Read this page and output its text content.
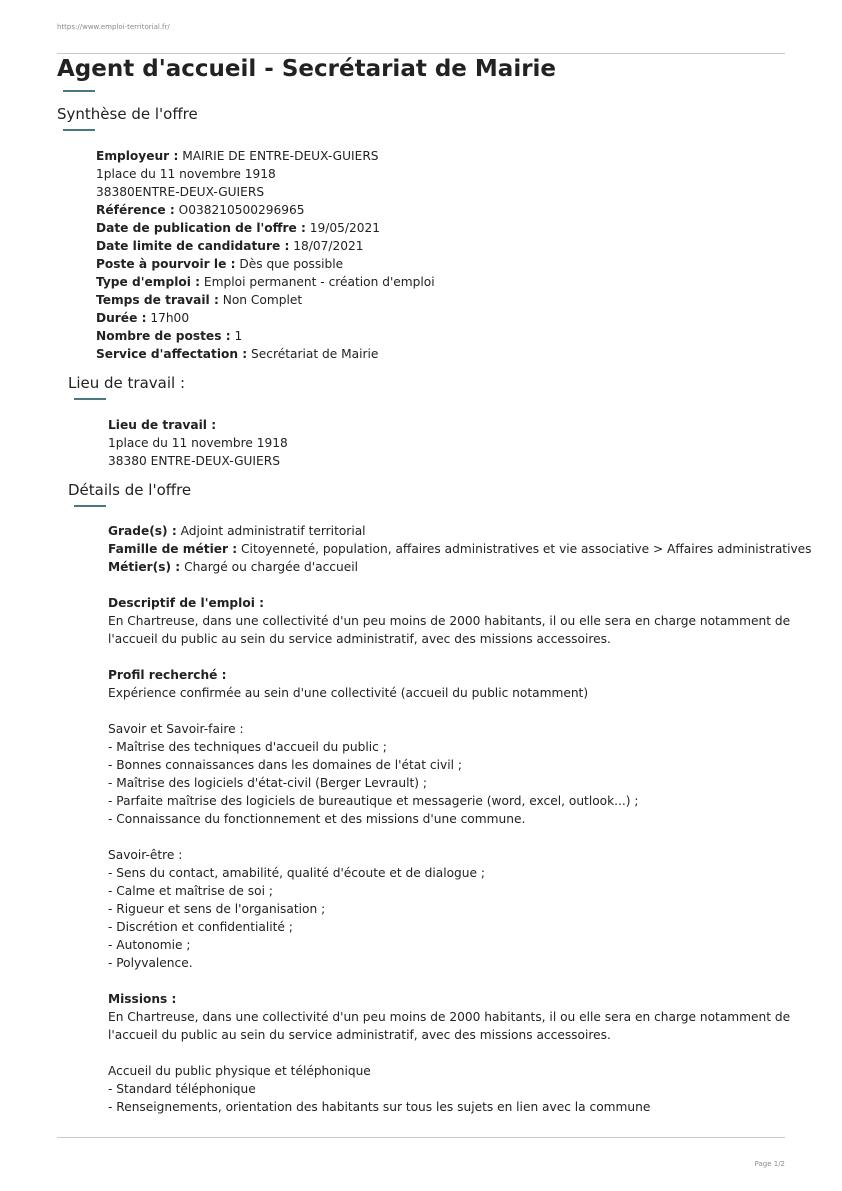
https://www.emploi-territorial.fr/
Agent d'accueil - Secrétariat de Mairie
Synthèse de l'offre
Employeur : MAIRIE DE ENTRE-DEUX-GUIERS
1place du 11 novembre 1918
38380ENTRE-DEUX-GUIERS
Référence : O038210500296965
Date de publication de l'offre : 19/05/2021
Date limite de candidature : 18/07/2021
Poste à pourvoir le : Dès que possible
Type d'emploi : Emploi permanent - création d'emploi
Temps de travail : Non Complet
Durée : 17h00
Nombre de postes : 1
Service d'affectation : Secrétariat de Mairie
Lieu de travail :
Lieu de travail :
1place du 11 novembre 1918
38380 ENTRE-DEUX-GUIERS
Détails de l'offre
Grade(s) : Adjoint administratif territorial
Famille de métier : Citoyenneté, population, affaires administratives et vie associative > Affaires administratives
Métier(s) : Chargé ou chargée d'accueil
Descriptif de l'emploi :
En Chartreuse, dans une collectivité d'un peu moins de 2000 habitants, il ou elle sera en charge notamment de
l'accueil du public au sein du service administratif, avec des missions accessoires.
Profil recherché :
Expérience confirmée au sein d'une collectivité (accueil du public notamment)
Savoir et Savoir-faire :
- Maîtrise des techniques d'accueil du public ;
- Bonnes connaissances dans les domaines de l'état civil ;
- Maîtrise des logiciels d'état-civil (Berger Levrault) ;
- Parfaite maîtrise des logiciels de bureautique et messagerie (word, excel, outlook...) ;
- Connaissance du fonctionnement et des missions d'une commune.
Savoir-être :
- Sens du contact, amabilité, qualité d'écoute et de dialogue ;
- Calme et maîtrise de soi ;
- Rigueur et sens de l'organisation ;
- Discrétion et confidentialité ;
- Autonomie ;
- Polyvalence.
Missions :
En Chartreuse, dans une collectivité d'un peu moins de 2000 habitants, il ou elle sera en charge notamment de
l'accueil du public au sein du service administratif, avec des missions accessoires.
Accueil du public physique et téléphonique
- Standard téléphonique
- Renseignements, orientation des habitants sur tous les sujets en lien avec la commune
Page 1/2
